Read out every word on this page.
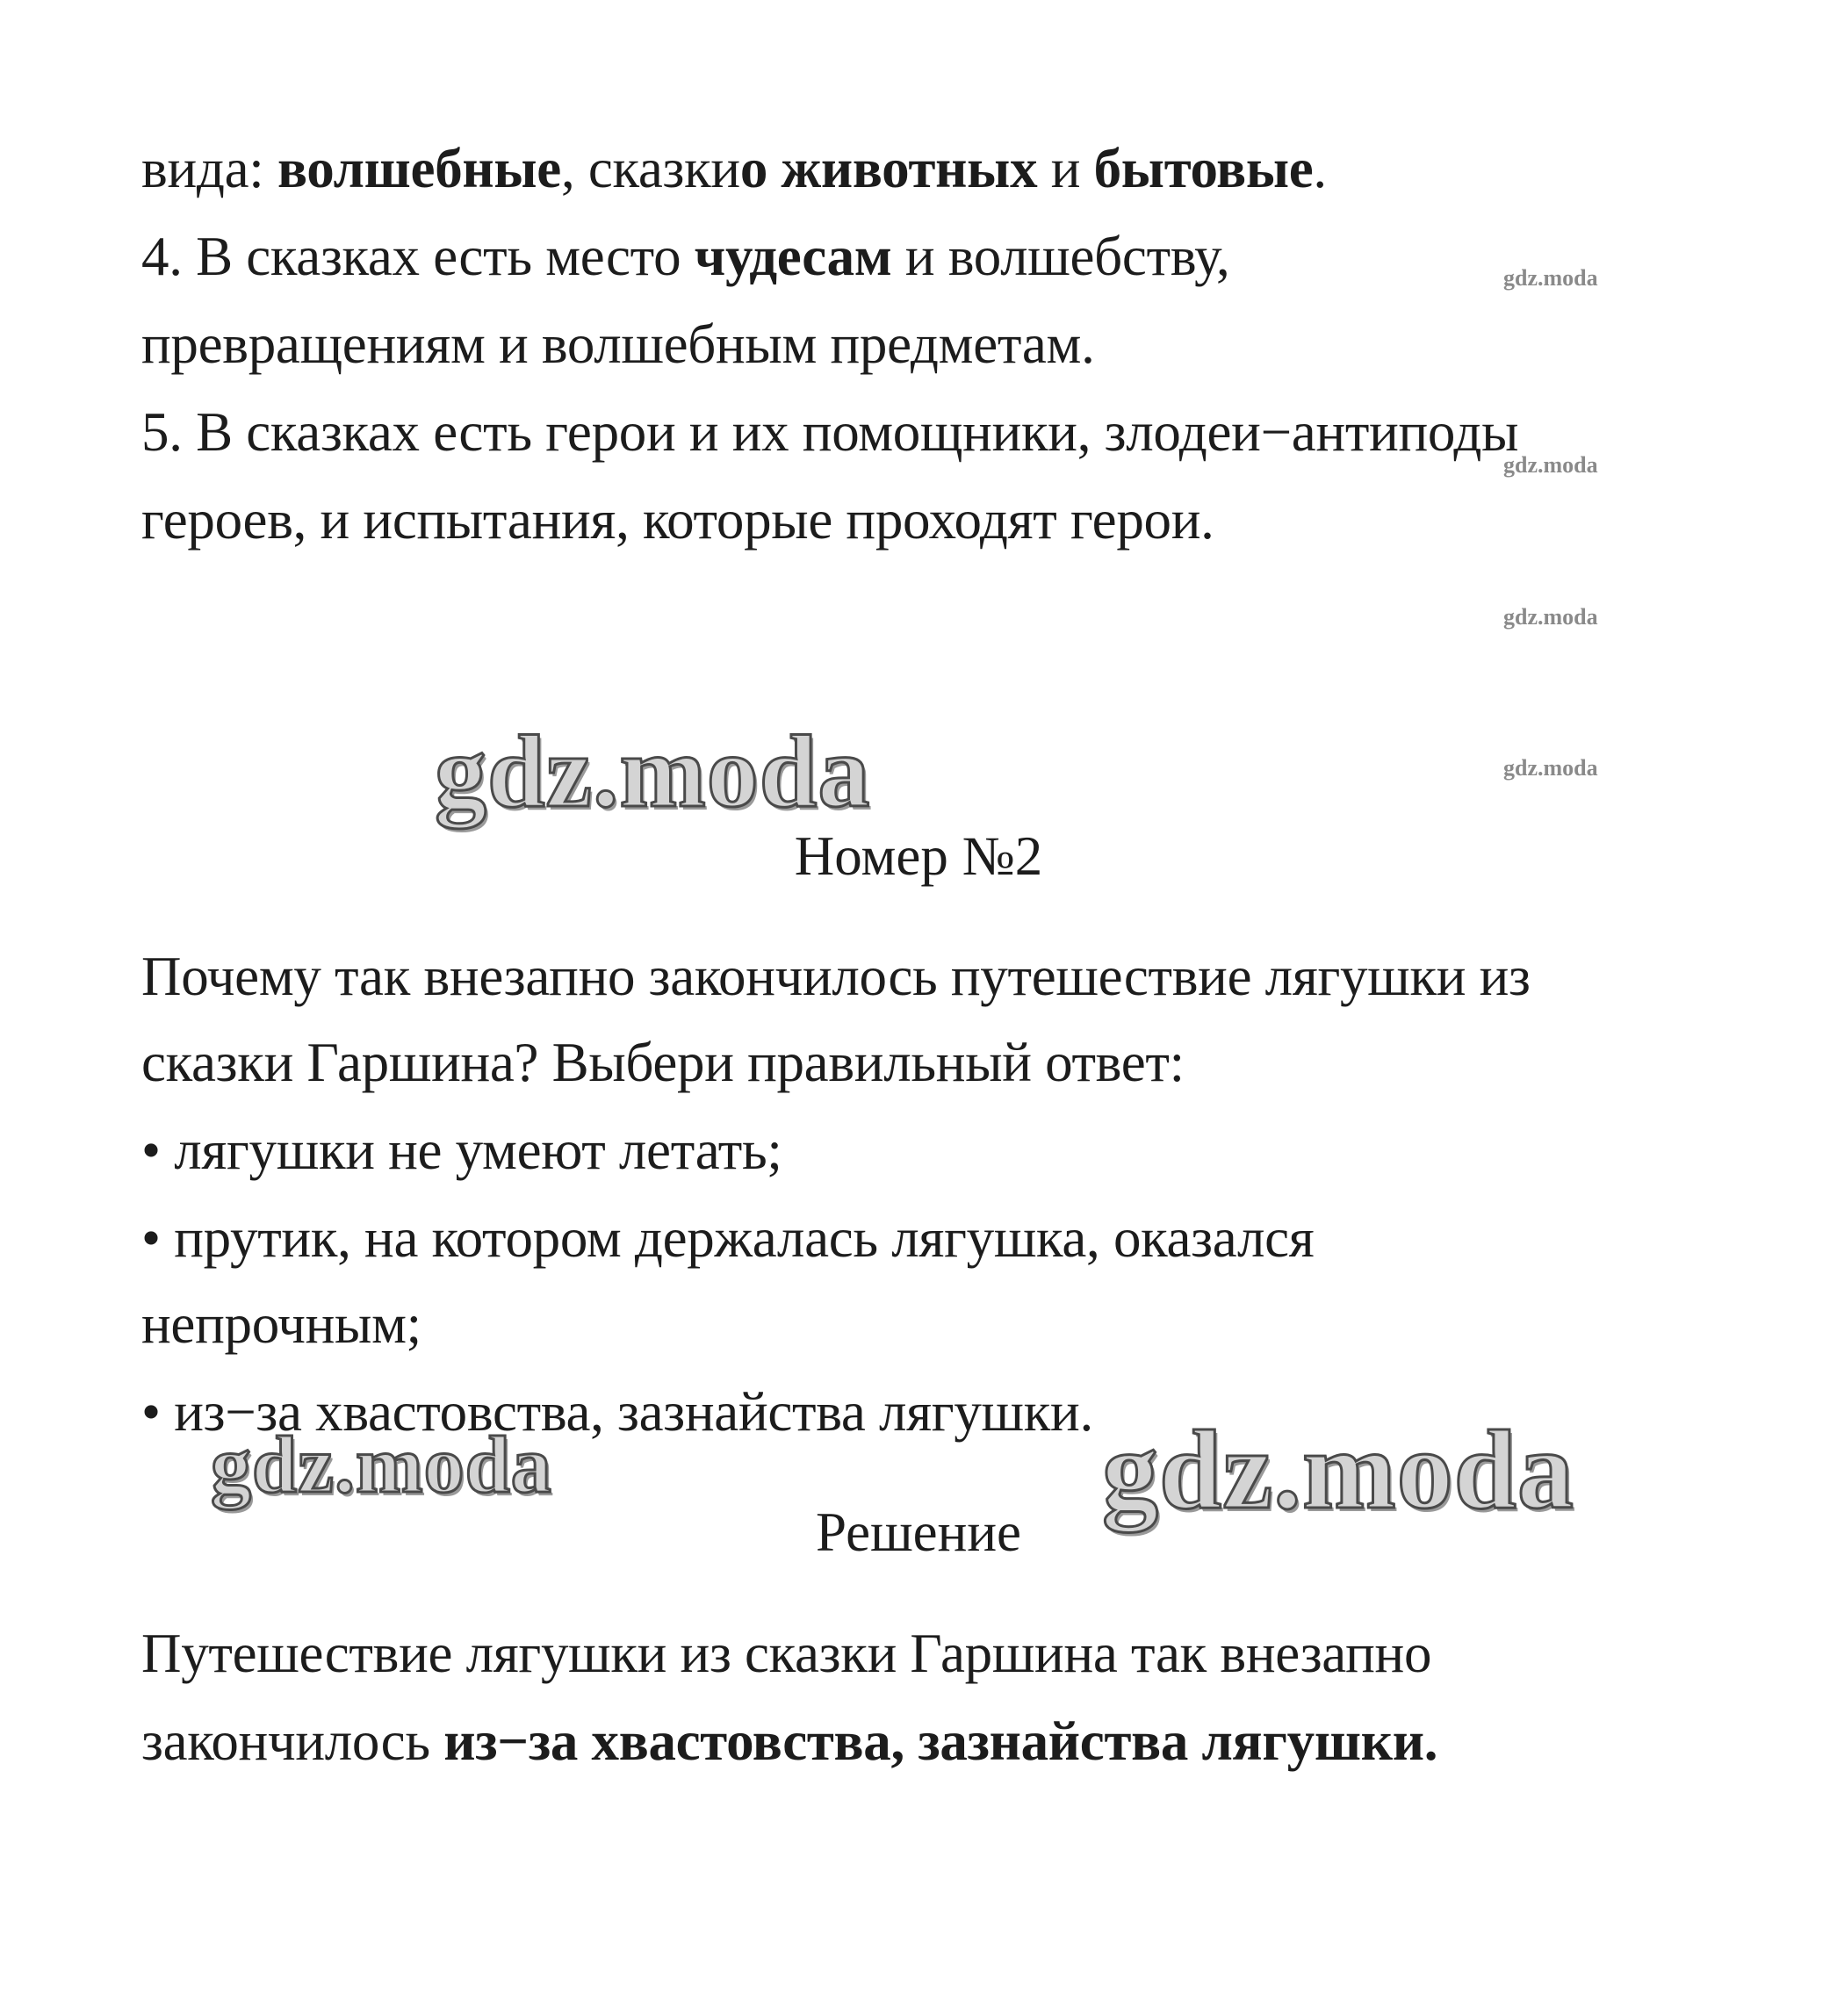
вида: волшебные, сказкио животных и бытовые.
4. В сказках есть место чудесам и волшебству,
превращениям и волшебным предметам.
5. В сказках есть герои и их помощники, злодеи−антиподы
героев, и испытания, которые проходят герои.
Номер №2
Почему так внезапно закончилось путешествие лягушки из
сказки Гаршина? Выбери правильный ответ:
• лягушки не умеют летать;
• прутик, на котором держалась лягушка, оказался
непрочным;
• из−за хвастовства, зазнайства лягушки.
Решение
Путешествие лягушки из сказки Гаршина так внезапно
закончилось из−за хвастовства, зазнайства лягушки.
gdz.moda
gdz.moda
gdz.moda
gdz.moda
gdz.moda
gdz.moda	gdz.moda
